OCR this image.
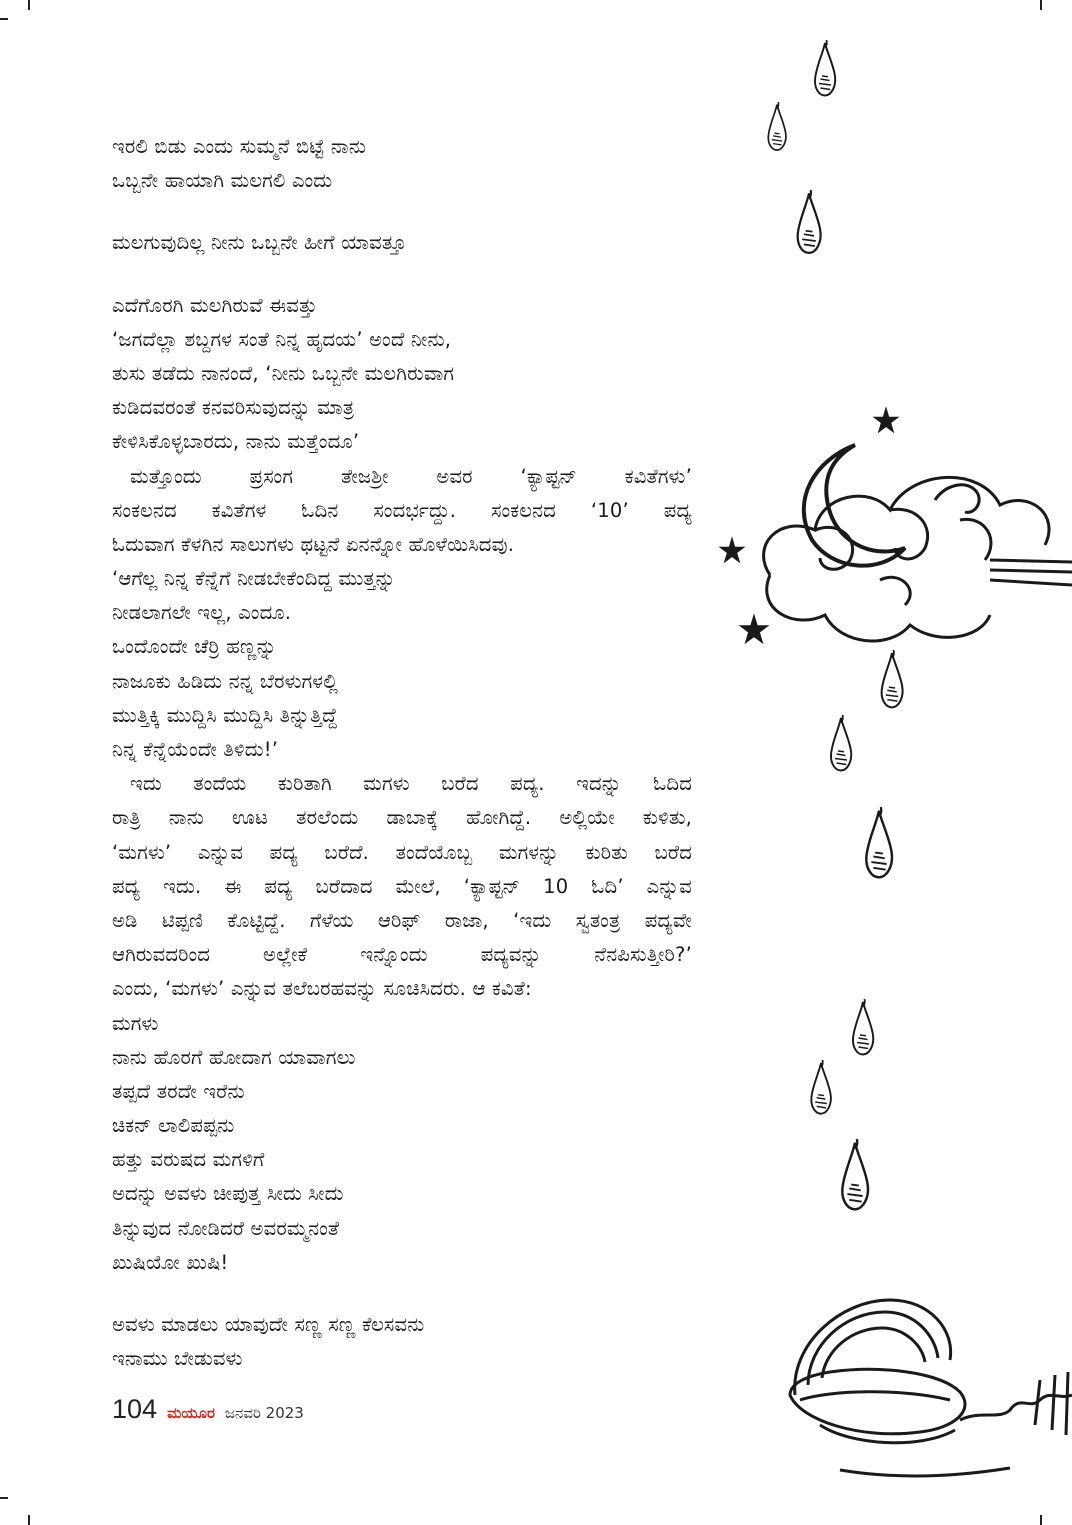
ಇರಲಿ ಬಿಡು ಎಂದು ಸುಮ್ಮನೆ ಬಿಟ್ಟೆ ನಾನು
ಒಬ್ಬನೇ ಹಾಯಾಗಿ ಮಲಗಲಿ ಎಂದು
ಮಲಗುವುದಿಲ್ಲ ನೀನು ಒಬ್ಬನೇ ಹೀಗೆ ಯಾವತ್ತೂ
ಎದೆಗೊರಗಿ ಮಲಗಿರುವೆ ಈವತ್ತು
‘ಜಗದೆಲ್ಲಾ ಶಬ್ದಗಳ ಸಂತೆ ನಿನ್ನ ಹೃದಯ’ ಅಂದೆ ನೀನು,
ತುಸು ತಡೆದು ನಾನಂದೆ, ‘ನೀನು ಒಬ್ಬನೇ ಮಲಗಿರುವಾಗ
ಕುಡಿದವರಂತೆ ಕನವರಿಸುವುದನ್ನು ಮಾತ್ರ
ಕೇಳಿಸಿಕೊಳ್ಳಬಾರದು, ನಾನು ಮತ್ತೆಂದೂ’
ಮತ್ತೊಂದು ಪ್ರಸಂಗ ತೇಜಶ್ರೀ ಅವರ ‘ಕ್ಯಾಪ್ಟನ್ ಕವಿತೆಗಳು’
ಸಂಕಲನದ ಕವಿತೆಗಳ ಓದಿನ ಸಂದರ್ಭದ್ದು. ಸಂಕಲನದ ‘10’ ಪದ್ಯ
ಓದುವಾಗ ಕೆಳಗಿನ ಸಾಲುಗಳು ಥಟ್ಟನೆ ಏನನ್ನೋ ಹೊಳೆಯಿಸಿದವು.
‘ಆಗೆಲ್ಲ ನಿನ್ನ ಕೆನ್ನೆಗೆ ನೀಡಬೇಕೆಂದಿದ್ದ ಮುತ್ತನ್ನು
ನೀಡಲಾಗಲೇ ಇಲ್ಲ, ಎಂದೂ.
ಒಂದೊಂದೇ ಚೆರ್ರಿ ಹಣ್ಣನ್ನು
ನಾಜೂಕು ಹಿಡಿದು ನನ್ನ ಬೆರಳುಗಳಲ್ಲಿ
ಮುತ್ತಿಕ್ಕಿ ಮುದ್ದಿಸಿ ಮುದ್ದಿಸಿ ತಿನ್ನುತ್ತಿದ್ದೆ
ನಿನ್ನ ಕೆನ್ನೆಯೆಂದೇ ತಿಳಿದು!’
ಇದು ತಂದೆಯ ಕುರಿತಾಗಿ ಮಗಳು ಬರೆದ ಪದ್ಯ. ಇದನ್ನು ಓದಿದ
ರಾತ್ರಿ ನಾನು ಊಟ ತರಲೆಂದು ಡಾಬಾಕ್ಕೆ ಹೋಗಿದ್ದೆ. ಅಲ್ಲಿಯೇ ಕುಳಿತು,
‘ಮಗಳು’ ಎನ್ನುವ ಪದ್ಯ ಬರೆದೆ. ತಂದೆಯೊಬ್ಬ ಮಗಳನ್ನು ಕುರಿತು ಬರೆದ
ಪದ್ಯ ಇದು. ಈ ಪದ್ಯ ಬರೆದಾದ ಮೇಲೆ, ‘ಕ್ಯಾಪ್ಟನ್ 10 ಓದಿ’ ಎನ್ನುವ
ಅಡಿ ಟಿಪ್ಪಣಿ ಕೊಟ್ಟಿದ್ದೆ. ಗೆಳೆಯ ಆರಿಫ್ ರಾಜಾ, ‘ಇದು ಸ್ವತಂತ್ರ ಪದ್ಯವೇ
ಆಗಿರುವದರಿಂದ ಅಲ್ಲೇಕೆ ಇನ್ನೊಂದು ಪದ್ಯವನ್ನು ನೆನಪಿಸುತ್ತೀರಿ?’
ಎಂದು, ‘ಮಗಳು’ ಎನ್ನುವ ತಲೆಬರಹವನ್ನು ಸೂಚಿಸಿದರು. ಆ ಕವಿತೆ:
ಮಗಳು
ನಾನು ಹೊರಗೆ ಹೋದಾಗ ಯಾವಾಗಲು
ತಪ್ಪದೆ ತರದೇ ಇರೆನು
ಚಿಕನ್ ಲಾಲಿಪಪ್ಪನು
ಹತ್ತು ವರುಷದ ಮಗಳಿಗೆ
ಅದನ್ನು ಅವಳು ಚೀಪುತ್ತ ಸೀದು ಸೀದು
ತಿನ್ನುವುದ ನೋಡಿದರೆ ಅವರಮ್ಮನಂತೆ
ಖುಷಿಯೋ ಖುಷಿ!
ಅವಳು ಮಾಡಲು ಯಾವುದೇ ಸಣ್ಣ ಸಣ್ಣ ಕೆಲಸವನು
ಇನಾಮು ಬೇಡುವಳು
104 ಮಯೂರ ಜನವರಿ 2023
